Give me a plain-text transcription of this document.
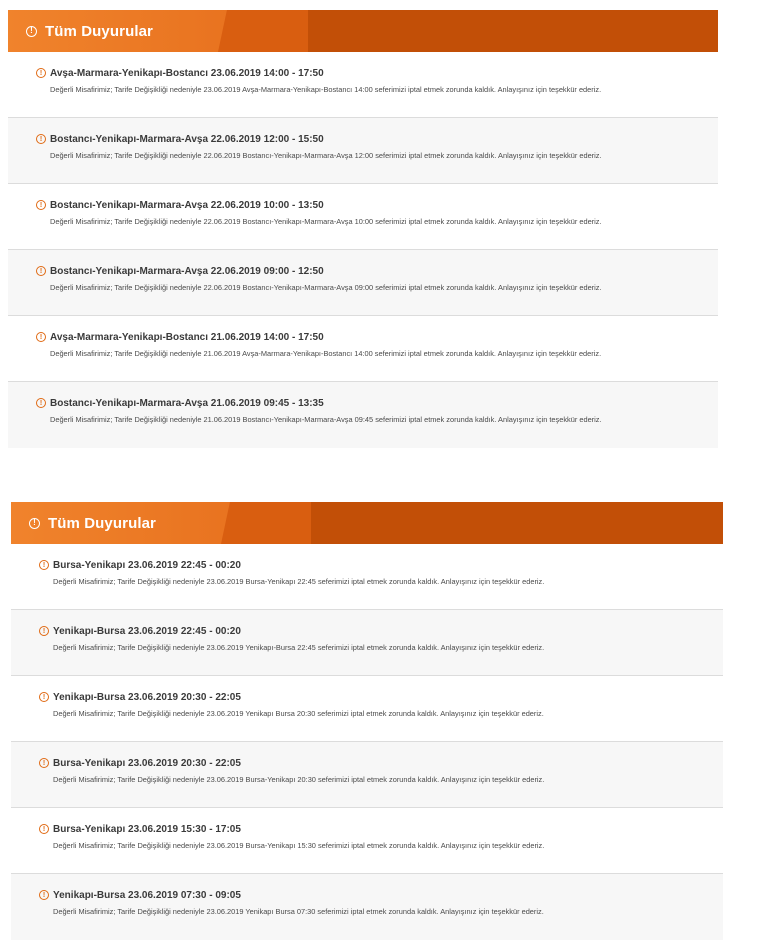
! Tüm Duyurular
! Avşa-Marmara-Yenikapı-Bostancı 23.06.2019 14:00 - 17:50
Değerli Misafirimiz; Tarife Değişikliği nedeniyle 23.06.2019 Avşa-Marmara-Yenikapı-Bostancı 14:00 seferimizi iptal etmek zorunda kaldık. Anlayışınız için teşekkür ederiz.
! Bostancı-Yenikapı-Marmara-Avşa 22.06.2019 12:00 - 15:50
Değerli Misafirimiz; Tarife Değişikliği nedeniyle 22.06.2019 Bostancı-Yenikapı-Marmara-Avşa 12:00 seferimizi iptal etmek zorunda kaldık. Anlayışınız için teşekkür ederiz.
! Bostancı-Yenikapı-Marmara-Avşa 22.06.2019 10:00 - 13:50
Değerli Misafirimiz; Tarife Değişikliği nedeniyle 22.06.2019 Bostancı-Yenikapı-Marmara-Avşa 10:00 seferimizi iptal etmek zorunda kaldık. Anlayışınız için teşekkür ederiz.
! Bostancı-Yenikapı-Marmara-Avşa 22.06.2019 09:00 - 12:50
Değerli Misafirimiz; Tarife Değişikliği nedeniyle 22.06.2019 Bostancı-Yenikapı-Marmara-Avşa 09:00 seferimizi iptal etmek zorunda kaldık. Anlayışınız için teşekkür ederiz.
! Avşa-Marmara-Yenikapı-Bostancı 21.06.2019 14:00 - 17:50
Değerli Misafirimiz; Tarife Değişikliği nedeniyle 21.06.2019 Avşa-Marmara-Yenikapı-Bostancı 14:00 seferimizi iptal etmek zorunda kaldık. Anlayışınız için teşekkür ederiz.
! Bostancı-Yenikapı-Marmara-Avşa 21.06.2019 09:45 - 13:35
Değerli Misafirimiz; Tarife Değişikliği nedeniyle 21.06.2019 Bostancı-Yenikapı-Marmara-Avşa 09:45 seferimizi iptal etmek zorunda kaldık. Anlayışınız için teşekkür ederiz.
! Tüm Duyurular
! Bursa-Yenikapı 23.06.2019 22:45 - 00:20
Değerli Misafirimiz; Tarife Değişikliği nedeniyle 23.06.2019 Bursa-Yenikapı 22:45 seferimizi iptal etmek zorunda kaldık. Anlayışınız için teşekkür ederiz.
! Yenikapı-Bursa 23.06.2019 22:45 - 00:20
Değerli Misafirimiz; Tarife Değişikliği nedeniyle 23.06.2019 Yenikapı-Bursa 22:45 seferimizi iptal etmek zorunda kaldık. Anlayışınız için teşekkür ederiz.
! Yenikapı-Bursa 23.06.2019 20:30 - 22:05
Değerli Misafirimiz; Tarife Değişikliği nedeniyle 23.06.2019 Yenikapı Bursa 20:30 seferimizi iptal etmek zorunda kaldık. Anlayışınız için teşekkür ederiz.
! Bursa-Yenikapı 23.06.2019 20:30 - 22:05
Değerli Misafirimiz; Tarife Değişikliği nedeniyle 23.06.2019 Bursa-Yenikapı 20:30 seferimizi iptal etmek zorunda kaldık. Anlayışınız için teşekkür ederiz.
! Bursa-Yenikapı 23.06.2019 15:30 - 17:05
Değerli Misafirimiz; Tarife Değişikliği nedeniyle 23.06.2019 Bursa-Yenikapı 15:30 seferimizi iptal etmek zorunda kaldık. Anlayışınız için teşekkür ederiz.
! Yenikapı-Bursa 23.06.2019 07:30 - 09:05
Değerli Misafirimiz; Tarife Değişikliği nedeniyle 23.06.2019 Yenikapı Bursa 07:30 seferimizi iptal etmek zorunda kaldık. Anlayışınız için teşekkür ederiz.
